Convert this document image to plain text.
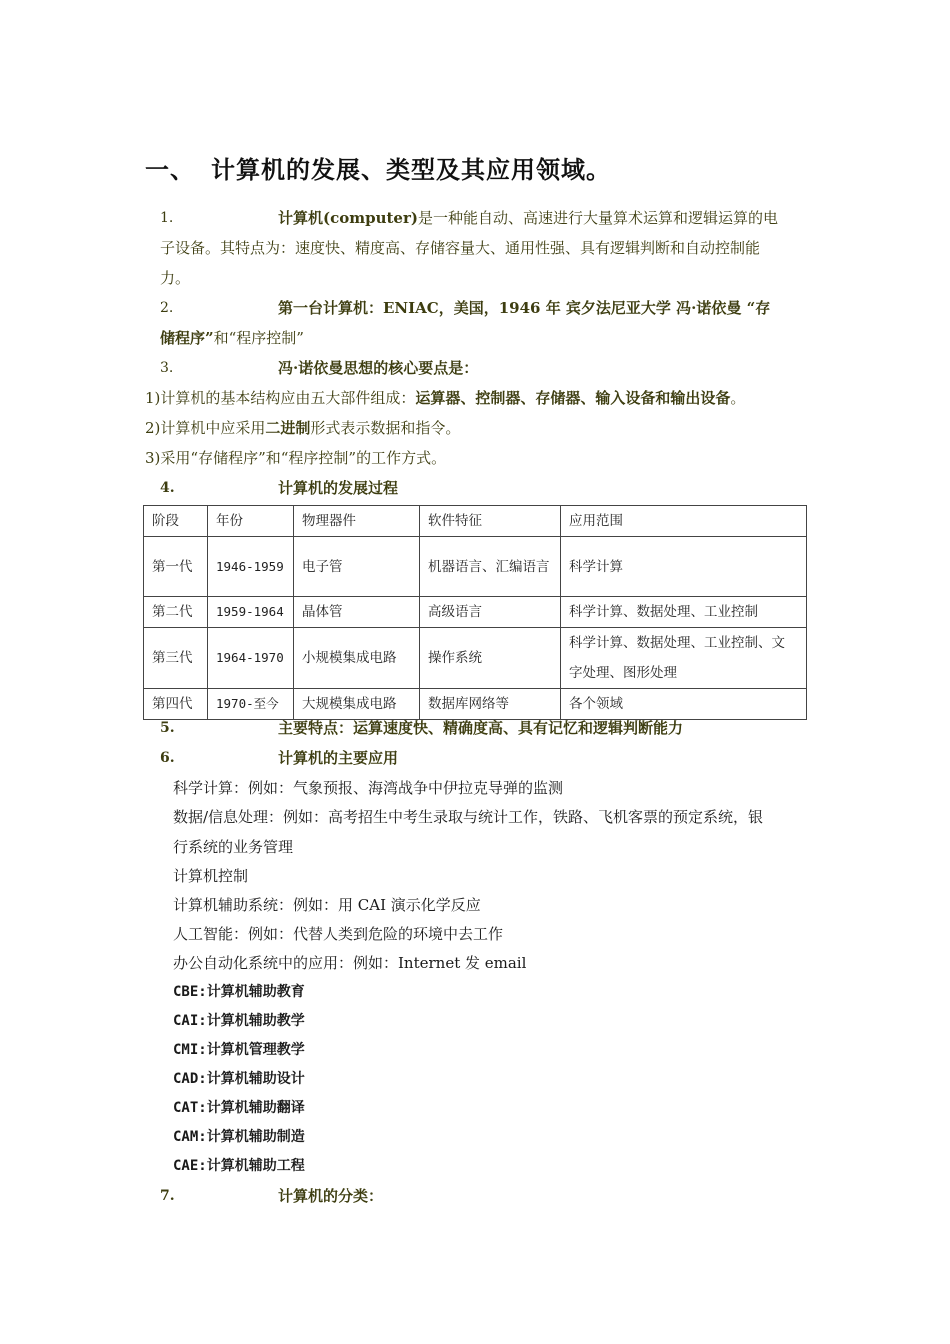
一、 计算机的发展、类型及其应用领域。
1.	计算机(computer)是一种能自动、高速进行大量算术运算和逻辑运算的电
子设备。其特点为：速度快、精度高、存储容量大、通用性强、具有逻辑判断和自动控制能
力。
2.	第一台计算机：ENIAC，美国，1946 年 宾夕法尼亚大学 冯·诺依曼 “存
储程序”和“程序控制”
3.	冯·诺依曼思想的核心要点是：
1)计算机的基本结构应由五大部件组成：运算器、控制器、存储器、输入设备和输出设备。
2)计算机中应采用二进制形式表示数据和指令。
3)采用“存储程序”和“程序控制”的工作方式。
4.	计算机的发展过程
阶段	年份	物理器件	软件特征	应用范围
第一代	1946-1959	电子管	机器语言、汇编语言	科学计算
第二代	1959-1964	晶体管	高级语言	科学计算、数据处理、工业控制
第三代	1964-1970	小规模集成电路	操作系统	科学计算、数据处理、工业控制、文字处理、图形处理
第四代	1970-至今	大规模集成电路	数据库网络等	各个领域
5.	主要特点：运算速度快、精确度高、具有记忆和逻辑判断能力
6.	计算机的主要应用
科学计算：例如：气象预报、海湾战争中伊拉克导弹的监测
数据/信息处理：例如：高考招生中考生录取与统计工作，铁路、飞机客票的预定系统，银
行系统的业务管理
计算机控制
计算机辅助系统：例如：用 CAI 演示化学反应
人工智能：例如：代替人类到危险的环境中去工作
办公自动化系统中的应用：例如：Internet 发 email
CBE:计算机辅助教育
CAI:计算机辅助教学
CMI:计算机管理教学
CAD:计算机辅助设计
CAT:计算机辅助翻译
CAM:计算机辅助制造
CAE:计算机辅助工程
7.	计算机的分类：
